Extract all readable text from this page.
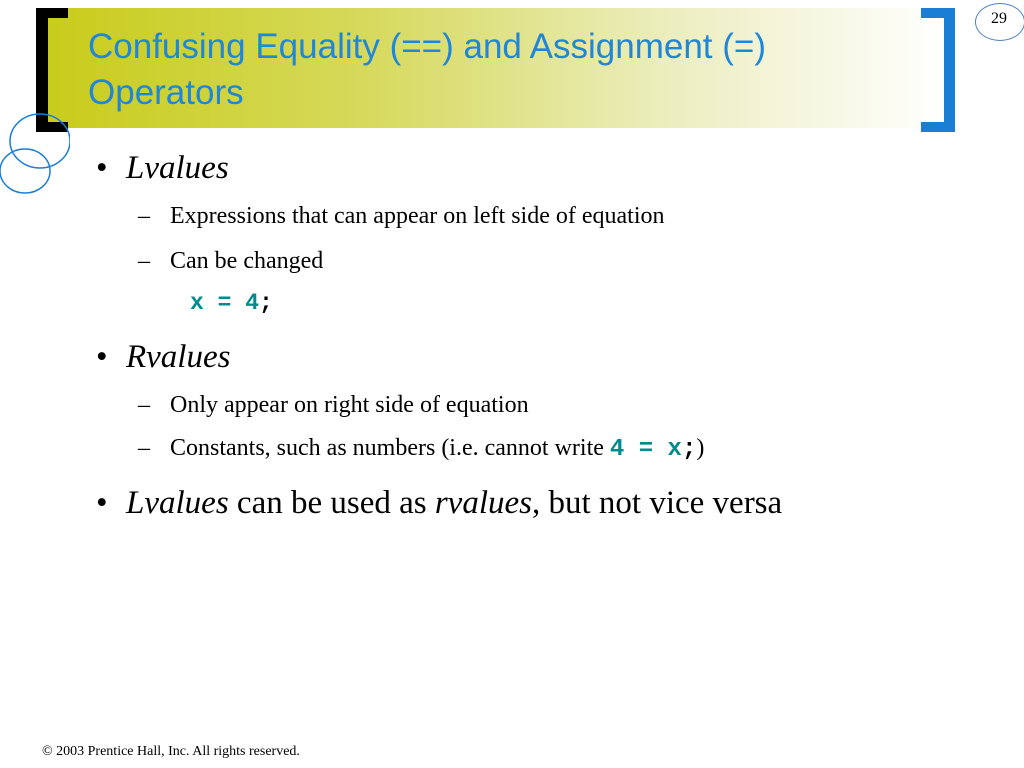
Confusing Equality (==) and Assignment (=)
Operators
29
• Lvalues
– Expressions that can appear on left side of equation
– Can be changed
x = 4;
• Rvalues
– Only appear on right side of equation
– Constants, such as numbers (i.e. cannot write 4 = x;)
• Lvalues can be used as rvalues, but not vice versa
© 2003 Prentice Hall, Inc. All rights reserved.
